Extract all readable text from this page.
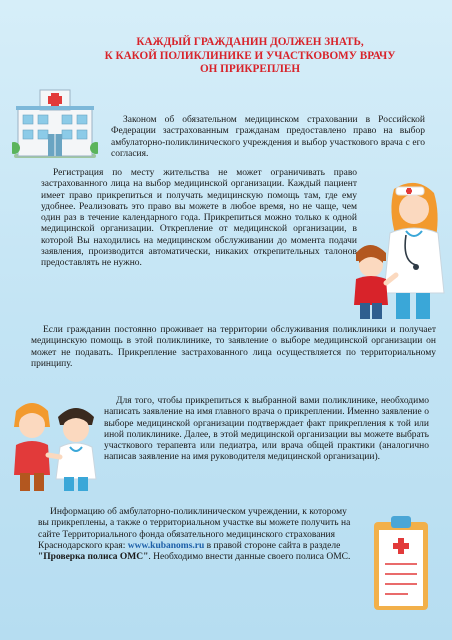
КАЖДЫЙ ГРАЖДАНИН ДОЛЖЕН ЗНАТЬ,
К КАКОЙ ПОЛИКЛИНИКЕ И УЧАСТКОВОМУ ВРАЧУ
ОН ПРИКРЕПЛЕН

Законом об обязательном медицинском страховании в Российской Федерации застрахованным гражданам предоставлено право на выбор амбулаторно-поликлинического учреждения и выбор участкового врача с его согласия.

Регистрация по месту жительства не может ограничивать право застрахованного лица на выбор медицинской организации. Каждый пациент имеет право прикрепиться и получать медицинскую помощь там, где ему удобнее. Реализовать это право вы можете в любое время, но не чаще, чем один раз в течение календарного года. Прикрепиться можно только к одной медицинской организации. Открепление от медицинской организации, в которой Вы находились на медицинском обслуживании до момента подачи заявления, производится автоматически, никаких открепительных талонов предоставлять не нужно.

Если гражданин постоянно проживает на территории обслуживания поликлиники и получает медицинскую помощь в этой поликлинике, то заявление о выборе медицинской организации он может не подавать. Прикрепление застрахованного лица осуществляется по территориальному принципу.

Для того, чтобы прикрепиться к выбранной вами поликлинике, необходимо написать заявление на имя главного врача о прикреплении. Именно заявление о выборе медицинской организации подтверждает факт прикрепления к той или иной поликлинике. Далее, в этой медицинской организации вы можете выбрать участкового терапевта или педиатра, или врача общей практики (аналогично написав заявление на имя руководителя медицинской организации).

Информацию об амбулаторно-поликлиническом учреждении, к которому вы прикреплены, а также о территориальном участке вы можете получить на сайте Территориального фонда обязательного медицинского страхования Краснодарского края: www.kubanoms.ru в правой стороне сайта в разделе "Проверка полиса ОМС". Необходимо внести данные своего полиса ОМС.
